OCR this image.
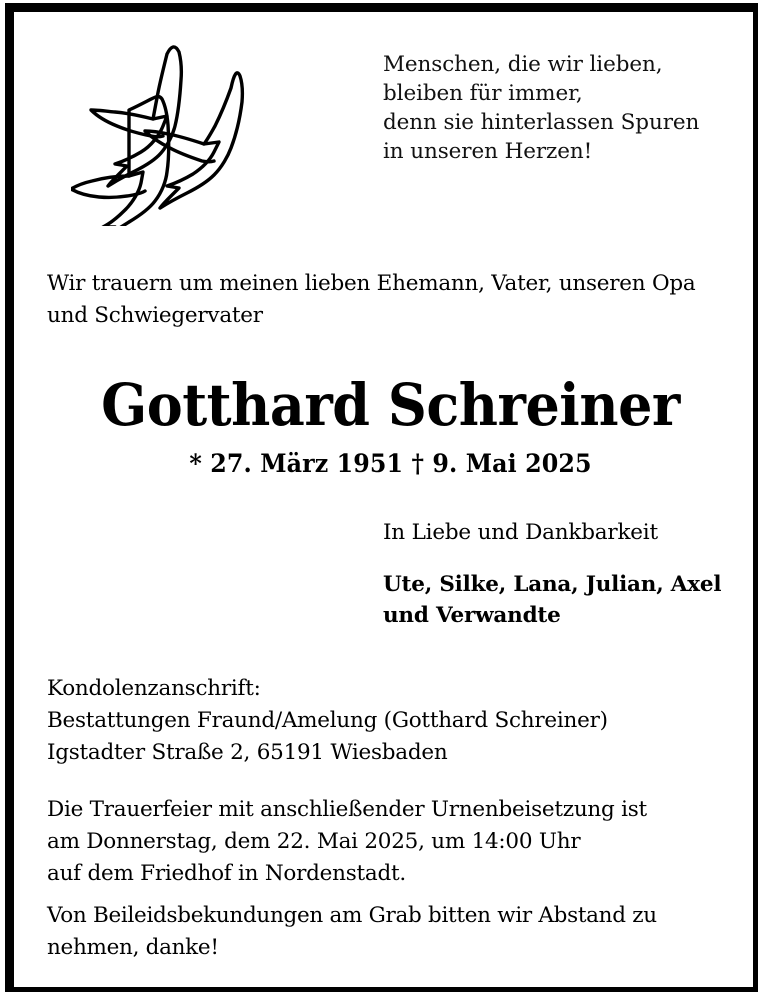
Menschen, die wir lieben,
bleiben für immer,
denn sie hinterlassen Spuren
in unseren Herzen!
Wir trauern um meinen lieben Ehemann, Vater, unseren Opa
und Schwiegervater
Gotthard Schreiner
* 27. März 1951 † 9. Mai 2025
In Liebe und Dankbarkeit
Ute, Silke, Lana, Julian, Axel
und Verwandte
Kondolenzanschrift:
Bestattungen Fraund/Amelung (Gotthard Schreiner)
Igstadter Straße 2, 65191 Wiesbaden
Die Trauerfeier mit anschließender Urnenbeisetzung ist
am Donnerstag, dem 22. Mai 2025, um 14:00 Uhr
auf dem Friedhof in Nordenstadt.
Von Beileidsbekundungen am Grab bitten wir Abstand zu
nehmen, danke!
